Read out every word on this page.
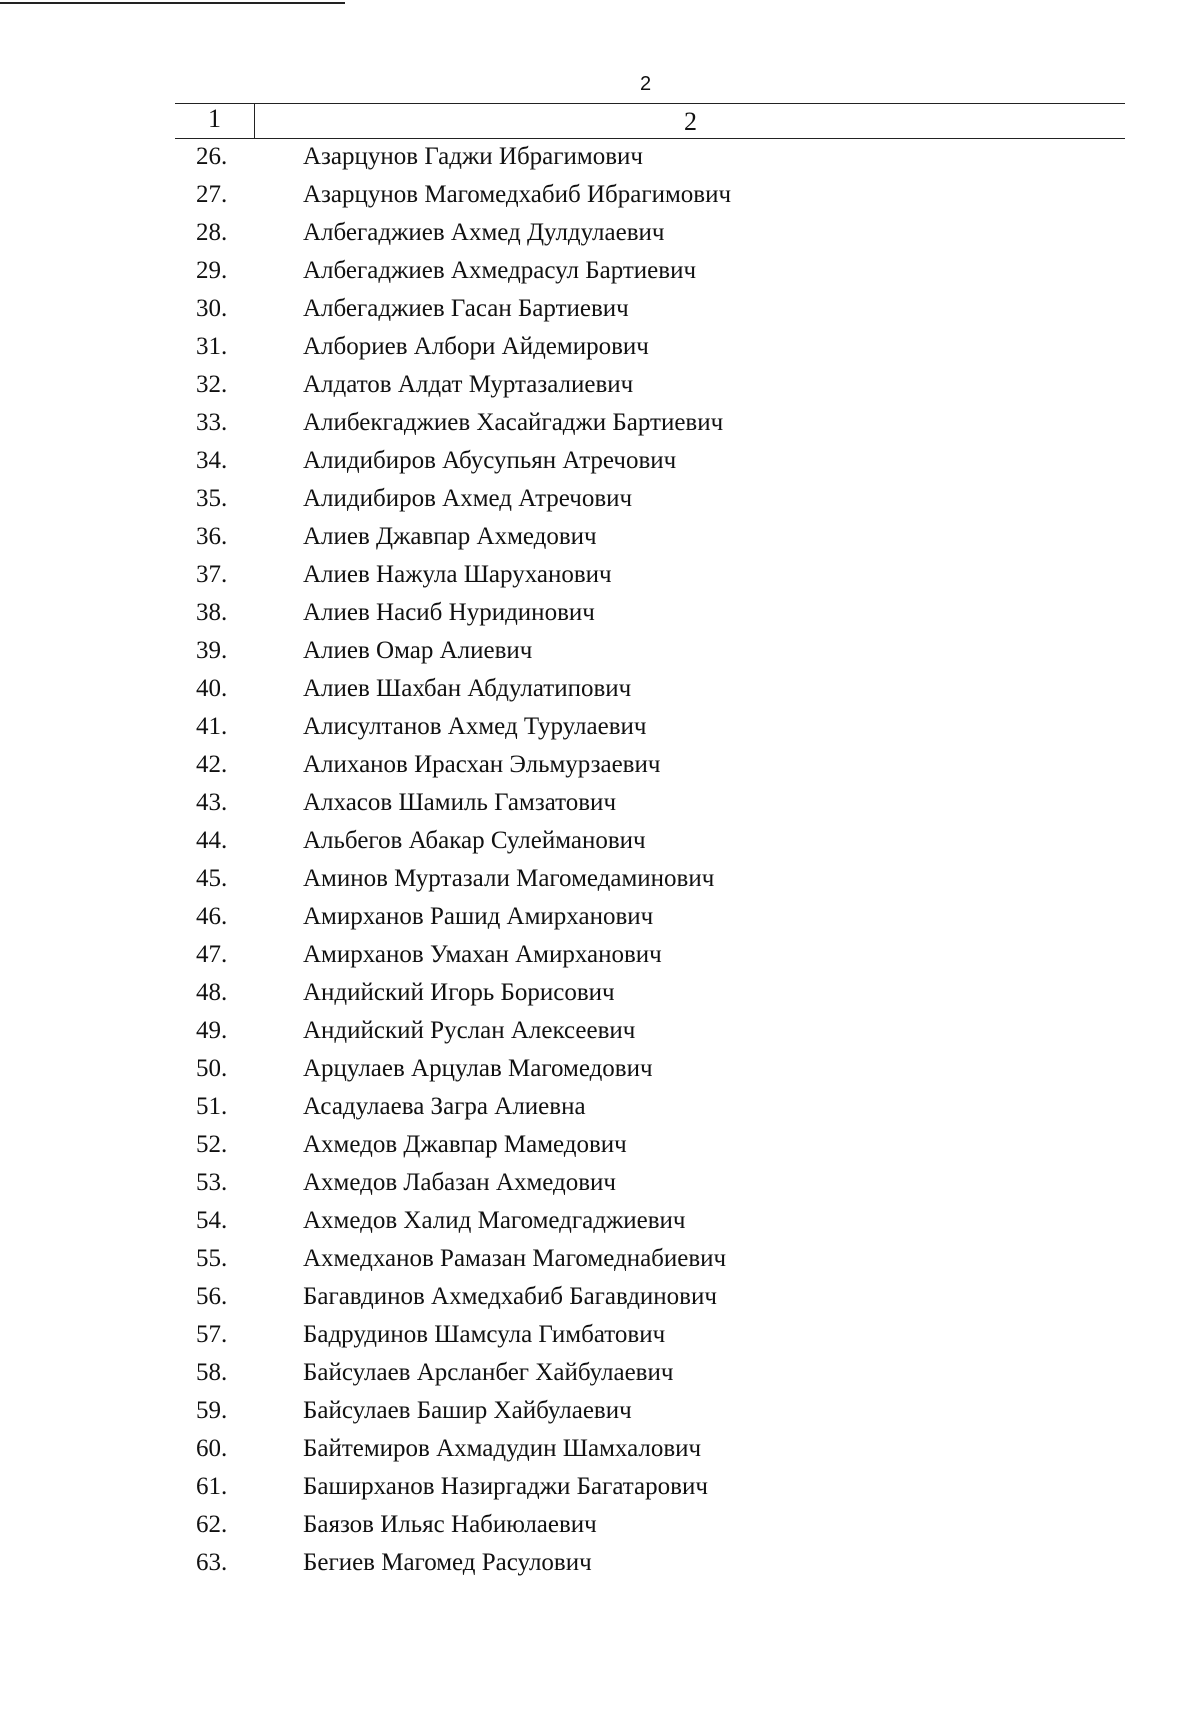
2
1	2
26.	Азарцунов Гаджи Ибрагимович
27.	Азарцунов Магомедхабиб Ибрагимович
28.	Албегаджиев Ахмед Дулдулаевич
29.	Албегаджиев Ахмедрасул Бартиевич
30.	Албегаджиев Гасан Бартиевич
31.	Албориев Албори Айдемирович
32.	Алдатов Алдат Муртазалиевич
33.	Алибекгаджиев Хасайгаджи Бартиевич
34.	Алидибиров Абусупьян Атречович
35.	Алидибиров Ахмед Атречович
36.	Алиев Джавпар Ахмедович
37.	Алиев Нажула Шаруханович
38.	Алиев Насиб Нуридинович
39.	Алиев Омар Алиевич
40.	Алиев Шахбан Абдулатипович
41.	Алисултанов Ахмед Турулаевич
42.	Алиханов Ирасхан Эльмурзаевич
43.	Алхасов Шамиль Гамзатович
44.	Альбегов Абакар Сулейманович
45.	Аминов Муртазали Магомедаминович
46.	Амирханов Рашид Амирханович
47.	Амирханов Умахан Амирханович
48.	Андийский Игорь Борисович
49.	Андийский Руслан Алексеевич
50.	Арцулаев Арцулав Магомедович
51.	Асадулаева Загра Алиевна
52.	Ахмедов Джавпар Мамедович
53.	Ахмедов Лабазан Ахмедович
54.	Ахмедов Халид Магомедгаджиевич
55.	Ахмедханов Рамазан Магомеднабиевич
56.	Багавдинов Ахмедхабиб Багавдинович
57.	Бадрудинов Шамсула Гимбатович
58.	Байсулаев Арсланбег Хайбулаевич
59.	Байсулаев Башир Хайбулаевич
60.	Байтемиров Ахмадудин Шамхалович
61.	Баширханов Назиргаджи Багатарович
62.	Баязов Ильяс Набиюлаевич
63.	Бегиев Магомед Расулович
